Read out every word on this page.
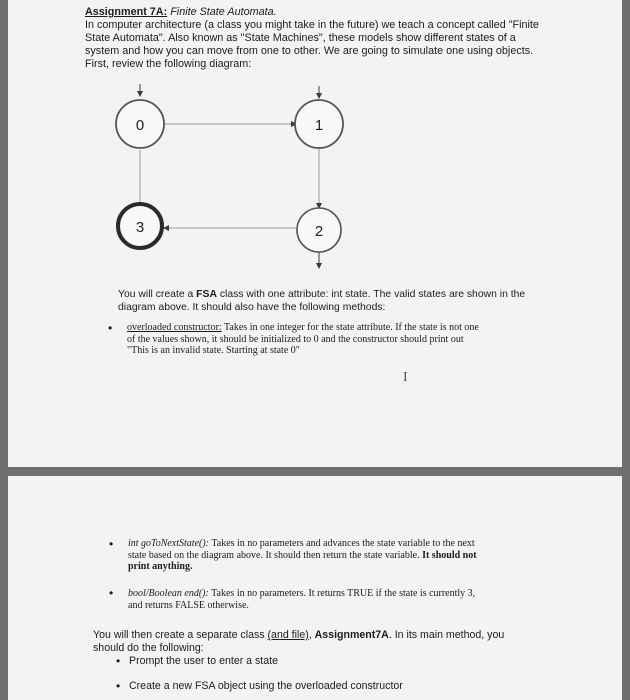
Assignment 7A: Finite State Automata.
In computer architecture (a class you might take in the future) we teach a concept called "Finite
State Automata". Also known as "State Machines", these models show different states of a
system and how you can move from one to other. We are going to simulate one using objects.
First, review the following diagram:
0	1
2
3
You will create a FSA class with one attribute: int state. The valid states are shown in the
diagram above. It should also have the following methods:
• overloaded constructor: Takes in one integer for the state attribute. If the state is not one
of the values shown, it should be initialized to 0 and the constructor should print out
"This is an invalid state. Starting at state 0"
I
• int goToNextState(): Takes in no parameters and advances the state variable to the next
state based on the diagram above. It should then return the state variable. It should not
print anything.
• bool/Boolean end(): Takes in no parameters. It returns TRUE if the state is currently 3,
and returns FALSE otherwise.
You will then create a separate class (and file), Assignment7A. In its main method, you
should do the following:
• Prompt the user to enter a state
• Create a new FSA object using the overloaded constructor
